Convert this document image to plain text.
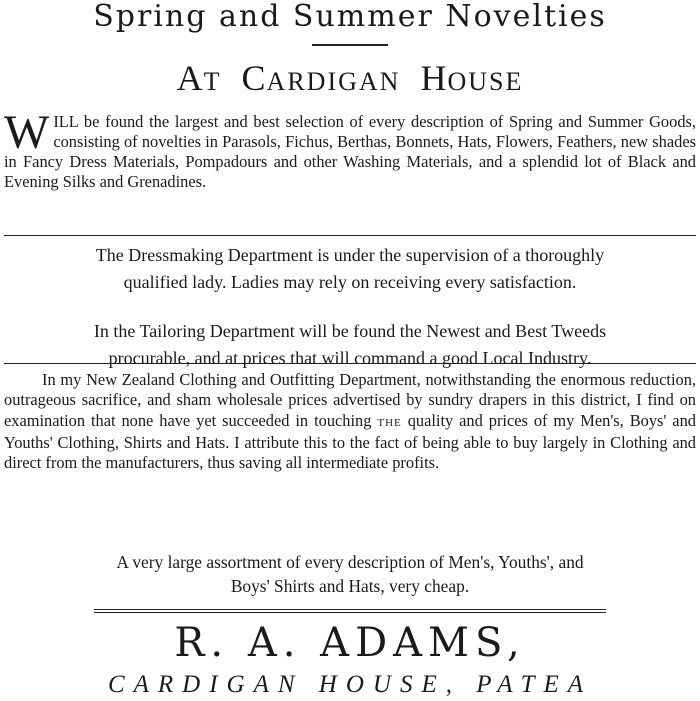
Spring and Summer Novelties
AT CARDIGAN HOUSE
WILL be found the largest and best selection of every description of Spring and Summer Goods, consisting of novelties in Parasols, Fichus, Berthas, Bonnets, Hats, Flowers, Feathers, new shades in Fancy Dress Materials, Pompadours and other Washing Materials, and a splendid lot of Black and Evening Silks and Grenadines.
The Dressmaking Department is under the supervision of a thoroughly
qualified lady. Ladies may rely on receiving every satisfaction.
In the Tailoring Department will be found the Newest and Best Tweeds
procurable, and at prices that will command a good Local Industry.
In my New Zealand Clothing and Outfitting Department, notwithstanding the enormous reduction, outrageous sacrifice, and sham wholesale prices advertised by sundry drapers in this district, I find on examination that none have yet succeeded in touching THE quality and prices of my Men's, Boys' and Youths' Clothing, Shirts and Hats. I attribute this to the fact of being able to buy largely in Clothing and direct from the manufacturers, thus saving all intermediate profits.
A very large assortment of every description of Men's, Youths', and
Boys' Shirts and Hats, very cheap.
R. A. ADAMS,
CARDIGAN HOUSE, PATEA
